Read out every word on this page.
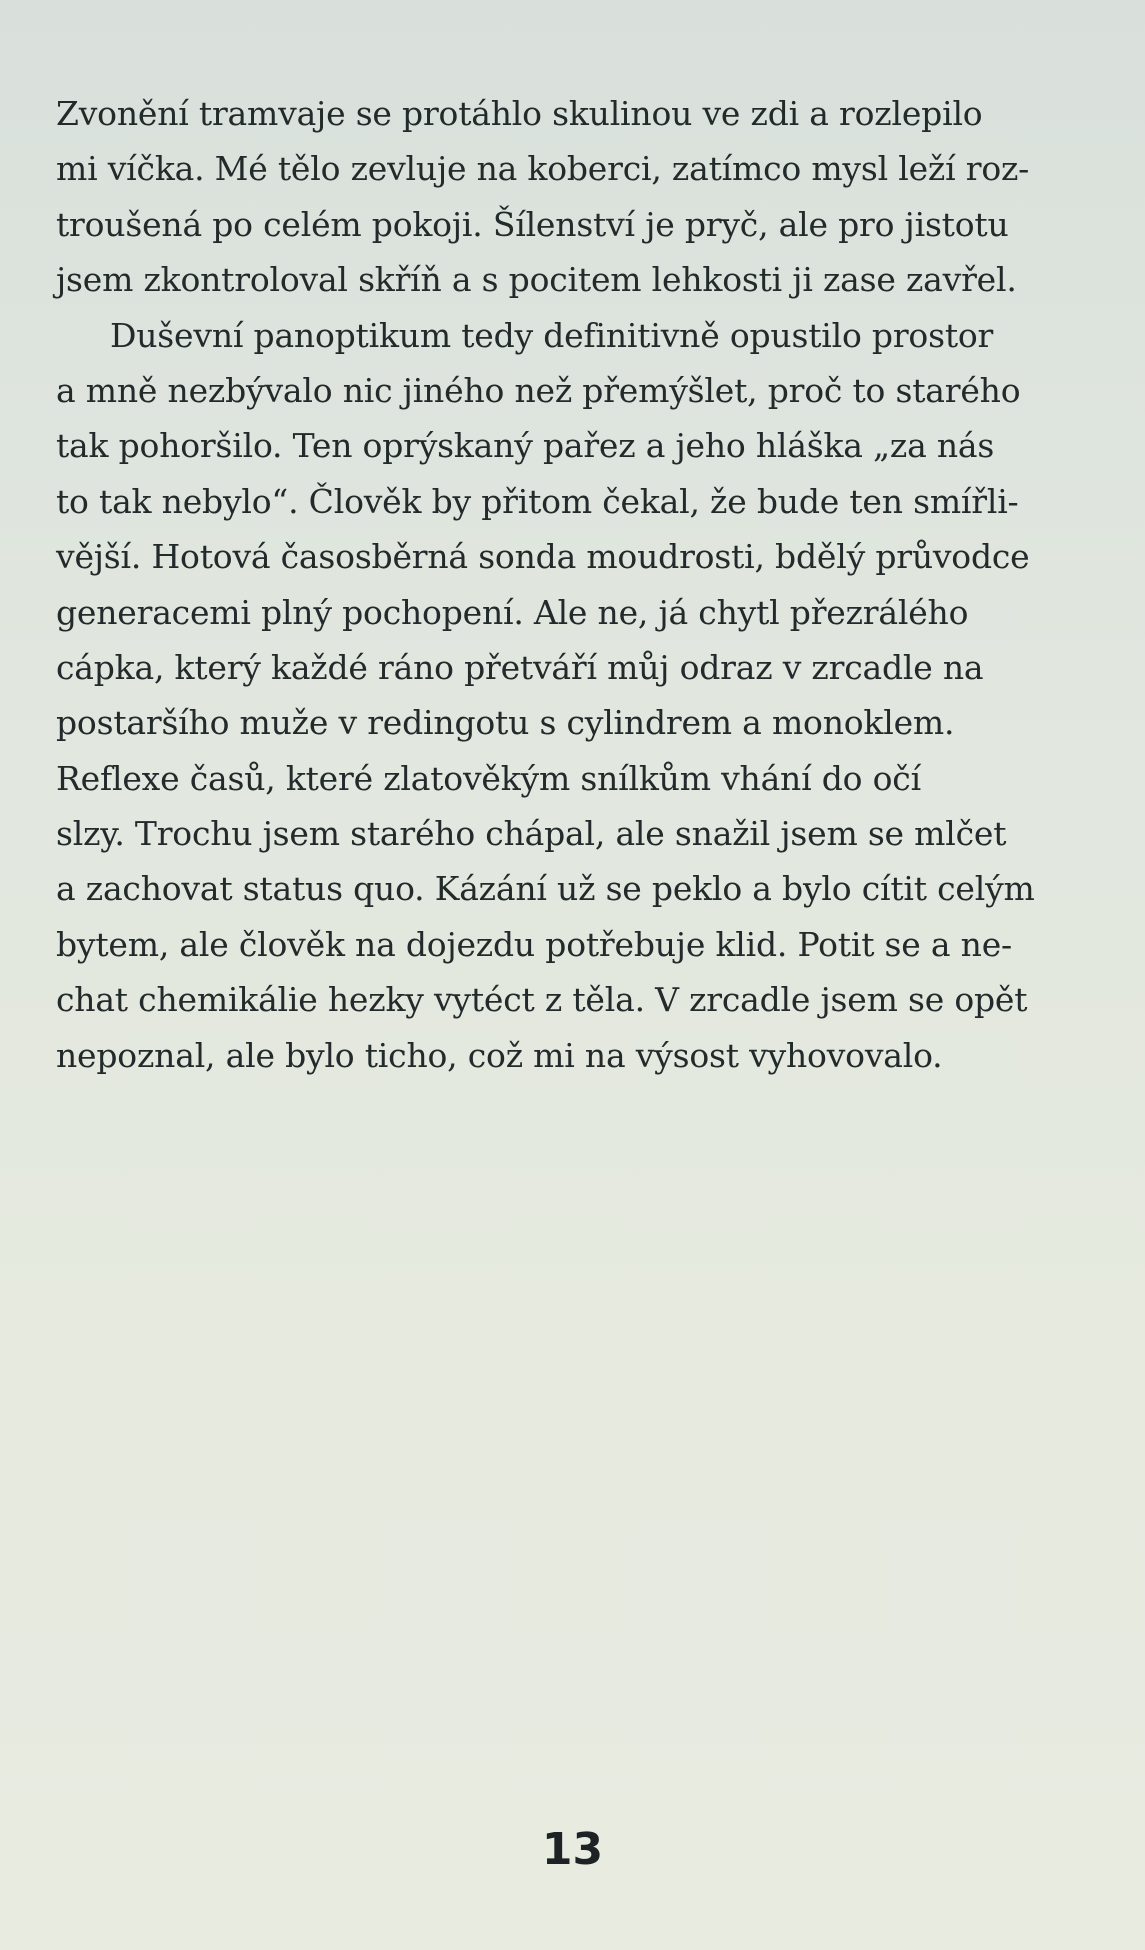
Zvonění tramvaje se protáhlo skulinou ve zdi a rozlepilo
mi víčka. Mé tělo zevluje na koberci, zatímco mysl leží roz-
troušená po celém pokoji. Šílenství je pryč, ale pro jistotu
jsem zkontroloval skříň a s pocitem lehkosti ji zase zavřel.
Duševní panoptikum tedy definitivně opustilo prostor
a mně nezbývalo nic jiného než přemýšlet, proč to starého
tak pohoršilo. Ten oprýskaný pařez a jeho hláška „za nás
to tak nebylo“. Člověk by přitom čekal, že bude ten smířli-
vější. Hotová časosběrná sonda moudrosti, bdělý průvodce
generacemi plný pochopení. Ale ne, já chytl přezrálého
cápka, který každé ráno přetváří můj odraz v zrcadle na
postaršího muže v redingotu s cylindrem a monoklem.
Reflexe časů, které zlatověkým snílkům vhání do očí
slzy. Trochu jsem starého chápal, ale snažil jsem se mlčet
a zachovat status quo. Kázání už se peklo a bylo cítit celým
bytem, ale člověk na dojezdu potřebuje klid. Potit se a ne-
chat chemikálie hezky vytéct z těla. V zrcadle jsem se opět
nepoznal, ale bylo ticho, což mi na výsost vyhovovalo.
13
